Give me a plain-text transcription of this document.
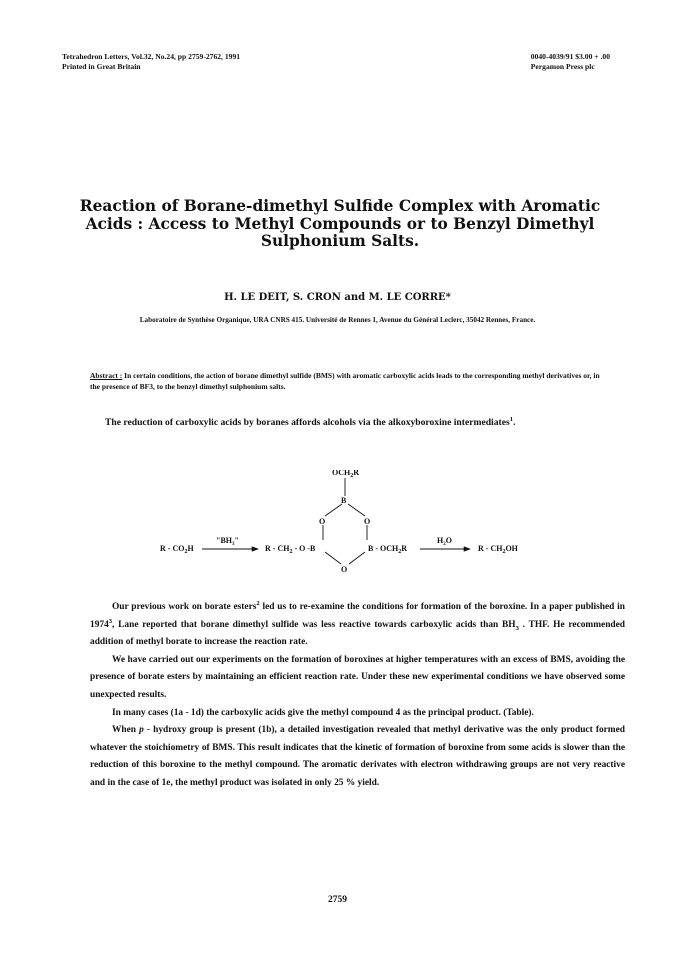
Tetrahedron Letters, Vol.32, No.24, pp 2759-2762, 1991
Printed in Great Britain
0040-4039/91 $3.00 + .00
Pergamon Press plc
Reaction of Borane-dimethyl Sulfide Complex with Aromatic
Acids : Access to Methyl Compounds or to Benzyl Dimethyl
Sulphonium Salts.
H. LE DEIT, S. CRON and M. LE CORRE*
Laboratoire de Synthèse Organique, URA CNRS 415. Université de Rennes 1, Avenue du Général Leclerc, 35042 Rennes, France.
Abstract : In certain conditions, the action of borane dimethyl sulfide (BMS) with aromatic carboxylic acids leads to the corresponding methyl derivatives or, in the presence of BF3, to the benzyl dimethyl sulphonium salts.
The reduction of carboxylic acids by boranes affords alcohols via the alkoxyboroxine intermediates$^1$.
R - $CO_2H$
"$BH_3$"
R - $CH_2$ - O -B
$OCH_2R$
B
O	O
O
B - $OCH_2R$
$H_2O$
R - $CH_2OH$

Our previous work on borate esters$^2$ led us to re-examine the conditions for formation of the boroxine. In a paper published in 1974$^3$, Lane reported that borane dimethyl sulfide was less reactive towards carboxylic acids than $BH_3$ . THF. He recommended addition of methyl borate to increase the reaction rate.

We have carried out our experiments on the formation of boroxines at higher temperatures with an excess of BMS, avoiding the presence of borate esters by maintaining an efficient reaction rate. Under these new experimental conditions we have observed some unexpected results.

In many cases (1a - 1d) the carboxylic acids give the methyl compound 4 as the principal product. (Table).

When p - hydroxy group is present (1b), a detailed investigation revealed that methyl derivative was the only product formed whatever the stoichiometry of BMS. This result indicates that the kinetic of formation of boroxine from some acids is slower than the reduction of this boroxine to the methyl compound. The aromatic derivates with electron withdrawing groups are not very reactive and in the case of 1e, the methyl product was isolated in only 25 % yield.

2759
